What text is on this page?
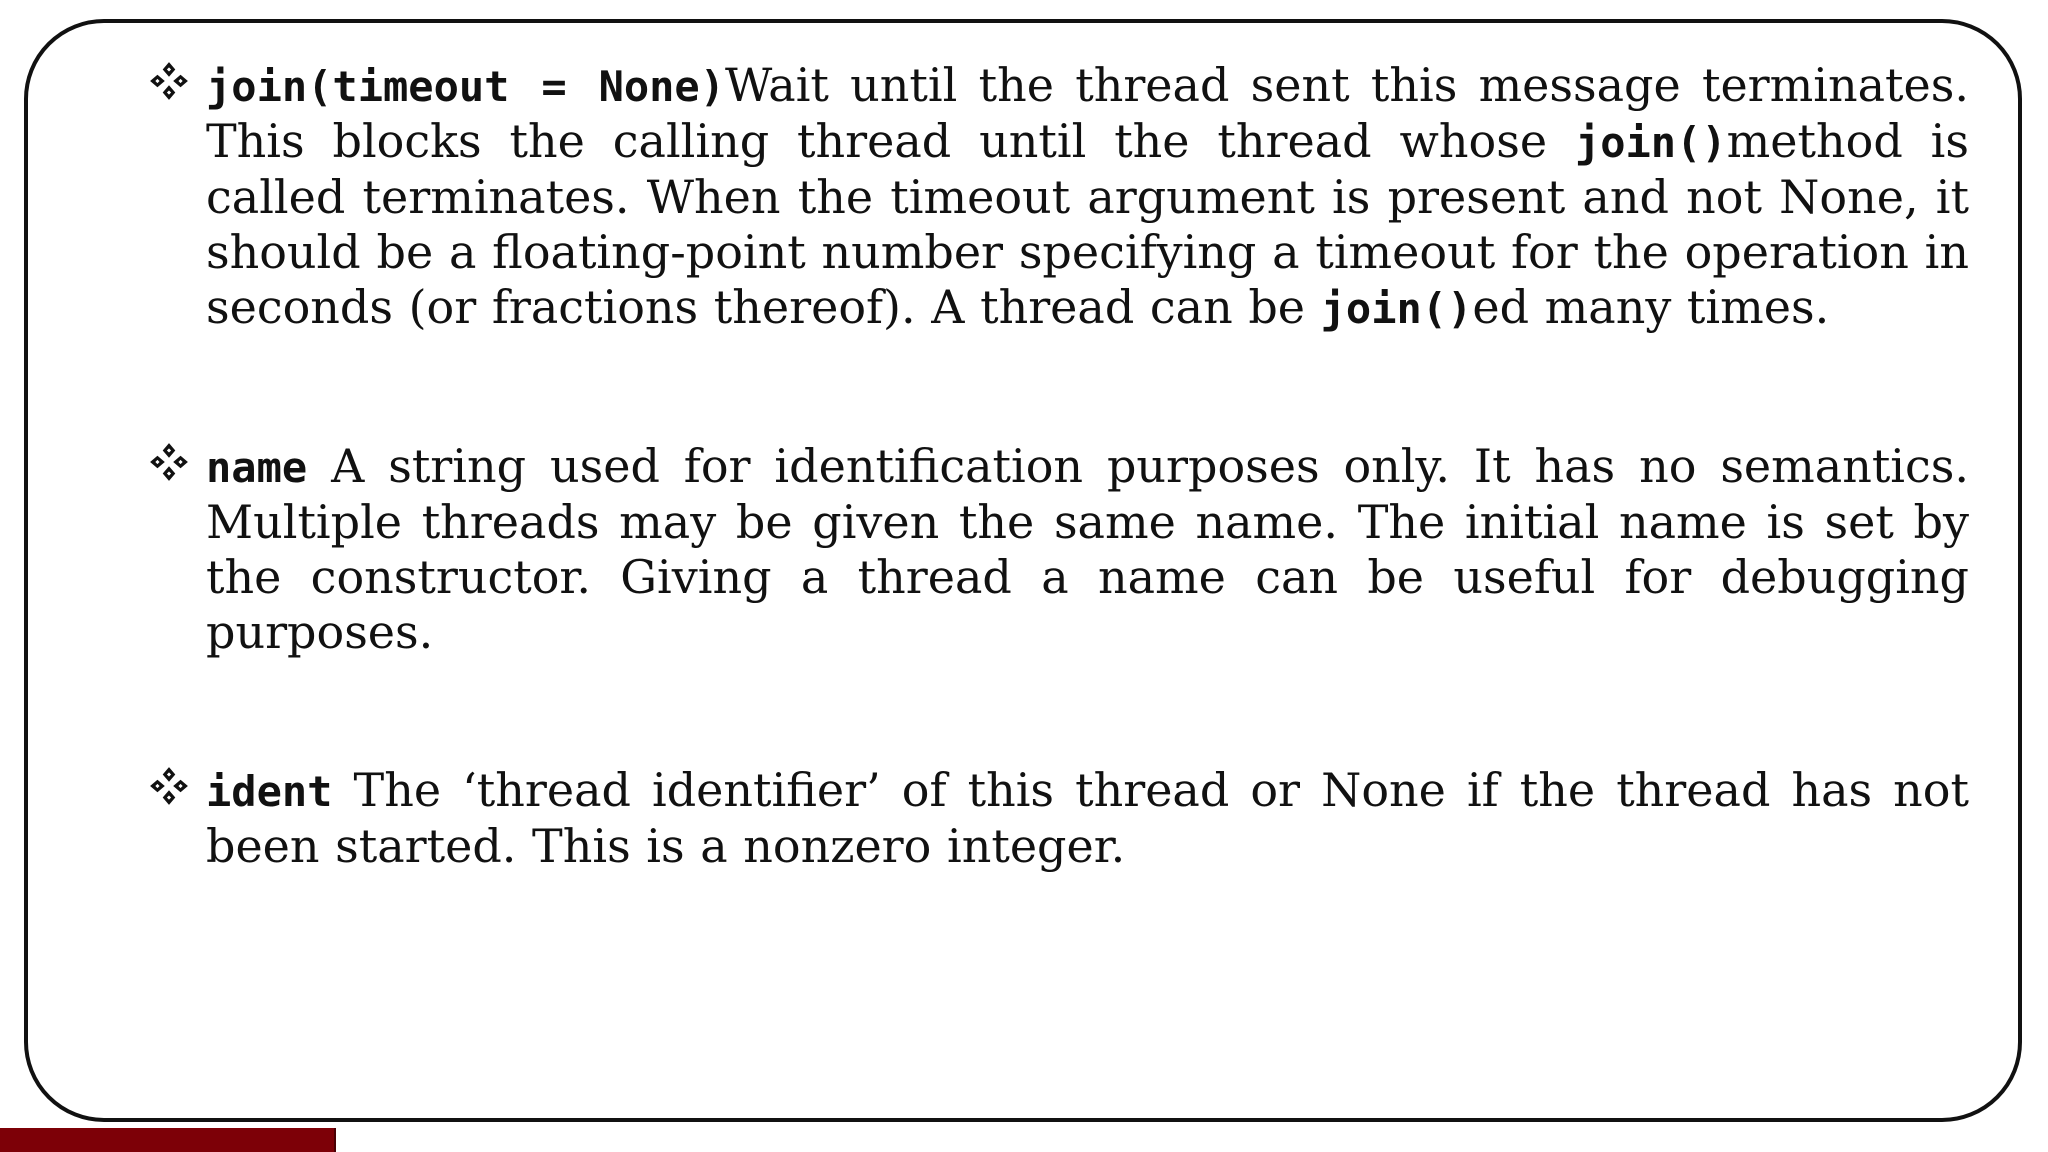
join(timeout = None)Wait until the thread sent this message terminates. This blocks the calling thread until the thread whose join()method is called terminates. When the timeout argument is present and not None, it should be a floating-point number specifying a timeout for the operation in seconds (or fractions thereof). A thread can be join()ed many times.
name A string used for identification purposes only. It has no semantics. Multiple threads may be given the same name. The initial name is set by the constructor. Giving a thread a name can be useful for debugging purposes.
ident The ‘thread identifier’ of this thread or None if the thread has not been started. This is a nonzero integer.
